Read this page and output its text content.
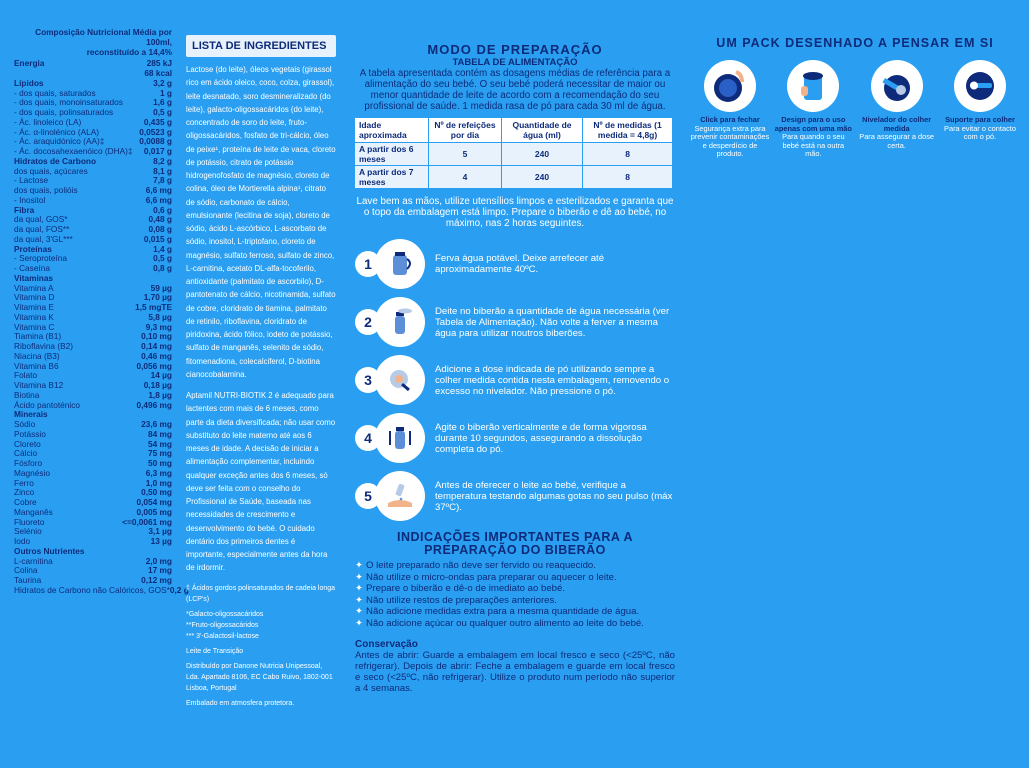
Composição Nutricional Média por 100ml,
reconstituído a 14,4%
Energia	285 kJ
68 kcal
Lípidos	3,2 g
- dos quais, saturados	1 g
- dos quais, monoinsaturados	1,6 g
- dos quais, polinsaturados	0,5 g
- Ác. linoleico (LA)	0,435 g
- Ác. α-linolénico (ALA)	0,0523 g
- Ác. araquidónico (AA)‡	0,0088 g
- Ác. docosahexaenóico (DHA)‡ 0,017 g
Hidratos de Carbono	8,2 g
dos quais, açúcares	8,1 g
- Lactose	7,8 g
dos quais, polióis	6,6 mg
- Inositol	6,6 mg
Fibra	0,6 g
da qual, GOS*	0,48 g
da qual, FOS**	0,08 g
da qual, 3'GL***	0,015 g
Proteínas	1,4 g
- Seroproteína	0,5 g
- Caseína	0,8 g
Vitaminas
Vitamina A	59 µg
Vitamina D	1,70 µg
Vitamina E	1,5 mgTE
Vitamina K	5,8 µg
Vitamina C	9,3 mg
Tiamina (B1)	0,10 mg
Riboflavina (B2)	0,14 mg
Niacina (B3)	0,46 mg
Vitamina B6	0,056 mg
Folato	14 µg
Vitamina B12	0,18 µg
Biotina	1,8 µg
Ácido pantoténico	0,496 mg
Minerais
Sódio	23,6 mg
Potássio	84 mg
Cloreto	54 mg
Cálcio	75 mg
Fósforo	50 mg
Magnésio	6,3 mg
Ferro	1,0 mg
Zinco	0,50 mg
Cobre	0,054 mg
Manganês	0,005 mg
Fluoreto	<=0,0061 mg
Selénio	3,1 µg
Iodo	13 µg
Outros Nutrientes
L-carnitina	2,0 mg
Colina	17 mg
Taurina	0,12 mg
Hidratos de Carbono não Calóricos, GOS* 0,2 g
LISTA DE INGREDIENTES

Lactose (do leite), óleos vegetais (girassol rico em ácido oleico, coco, colza, girassol), leite desnatado, soro desmineralizado (do leite), galacto-oligossacáridos (do leite), concentrado de soro do leite, fruto-oligossacáridos, fosfato de tri-cálcio, óleo de peixe¹, proteína de leite de vaca, cloreto de potássio, citrato de potássio hidrogenofosfato de magnésio, cloreto de colina, óleo de Mortierella alpina¹, citrato de sódio, carbonato de cálcio, emulsionante (lecitina de soja), cloreto de sódio, ácido L-ascórbico, L-ascorbato de sódio, inositol, L-triptofano, cloreto de magnésio, sulfato ferroso, sulfato de zinco, L-carnitina, acetato DL-alfa-tocoferilo, antioxidante (palmitato de ascorbilo), D-pantotenato de cálcio, nicotinamida, sulfato de cobre, cloridrato de tiamina, palmitato de retinilo, riboflavina, cloridrato de piridoxina, ácido fólico, iodeto de potássio, sulfato de manganês, selenito de sódio, fitomenadiona, colecalciferol, D-biotina cianocobalamina.

Aptamil NUTRI-BIOTIK 2 é adequado para lactentes com mais de 6 meses, como parte da dieta diversificada; não usar como substituto do leite materno até aos 6 meses de idade. A decisão de iniciar a alimentação complementar, incluindo qualquer exceção antes dos 6 meses, só deve ser feita com o conselho do Profissional de Saúde, baseada nas necessidades de crescimento e desenvolvimento do bebé. O cuidado dentário dos primeiros dentes é importante, especialmente antes da hora de irdormir.

‡ Ácidos gordos polinsaturados de cadeia longa (LCP's)

*Galacto-oligossacáridos

**Fruto-oligossacáridos

*** 3'-Galactosil-lactose

Leite de Transição

Distribuído por Danone Nutricia Unipessoal, Lda. Apartado 8106, EC Cabo Ruivo, 1802-001 Lisboa, Portugal

Embalado em atmosfera protetora.

MODO DE PREPARAÇÃO
TABELA DE ALIMENTAÇÃO
A tabela apresentada contém as dosagens médias de referência para a alimentação do seu bebé. O seu bebé poderá necessitar de maior ou menor quantidade de leite de acordo com a recomendação do seu profissional de saúde. 1 medida rasa de pó para cada 30 ml de água.
Idade aproximada	Nº de refeições por dia	Quantidade de água (ml)	Nº de medidas (1 medida = 4,8g)
A partir dos 6 meses	5	240	8
A partir dos 7 meses	4	240	8
Lave bem as mãos, utilize utensílios limpos e esterilizados e garanta que o topo da embalagem está limpo. Prepare o biberão e dê ao bebé, no máximo, nas 2 horas seguintes.
1	Ferva água potável. Deixe arrefecer até aproximadamente 40ºC.
2
Deite no biberão a quantidade de água necessária (ver Tabela de Alimentação). Não volte a ferver a mesma água para utilizar noutros biberões.
3
Adicione a dose indicada de pó utilizando sempre a colher medida contida nesta embalagem, removendo o excesso no nivelador. Não pressione o pó.
4
Agite o biberão verticalmente e de forma vigorosa durante 10 segundos, assegurando a dissolução completa do pó.
5
Antes de oferecer o leite ao bebé, verifique a temperatura testando algumas gotas no seu pulso (máx 37ºC).
INDICAÇÕES IMPORTANTES PARA A
PREPARAÇÃO DO BIBERÃO
✦ O leite preparado não deve ser fervido ou reaquecido.
✦ Não utilize o micro-ondas para preparar ou aquecer o leite.
✦ Prepare o biberão e dê-o de imediato ao bebé.
✦ Não utilize restos de preparações anteriores.
✦ Não adicione medidas extra para a mesma quantidade de água.
✦ Não adicione açúcar ou qualquer outro alimento ao leite do bebé.
Conservação
Antes de abrir: Guarde a embalagem em local fresco e seco (<25ºC, não refrigerar). Depois de abrir: Feche a embalagem e guarde em local fresco e seco (<25ºC, não refrigerar). Utilize o produto num período não superior a 4 semanas.
UM PACK DESENHADO A PENSAR EM SI
Click para fechar
Segurança extra para prevenir contaminações e desperdício de produto.
Design para o uso apenas com uma mão
Para quando o seu bebé está na outra mão.
Nivelador do colher medida
Para assegurar a dose certa.
Suporte para colher
Para evitar o contacto com o pó.
